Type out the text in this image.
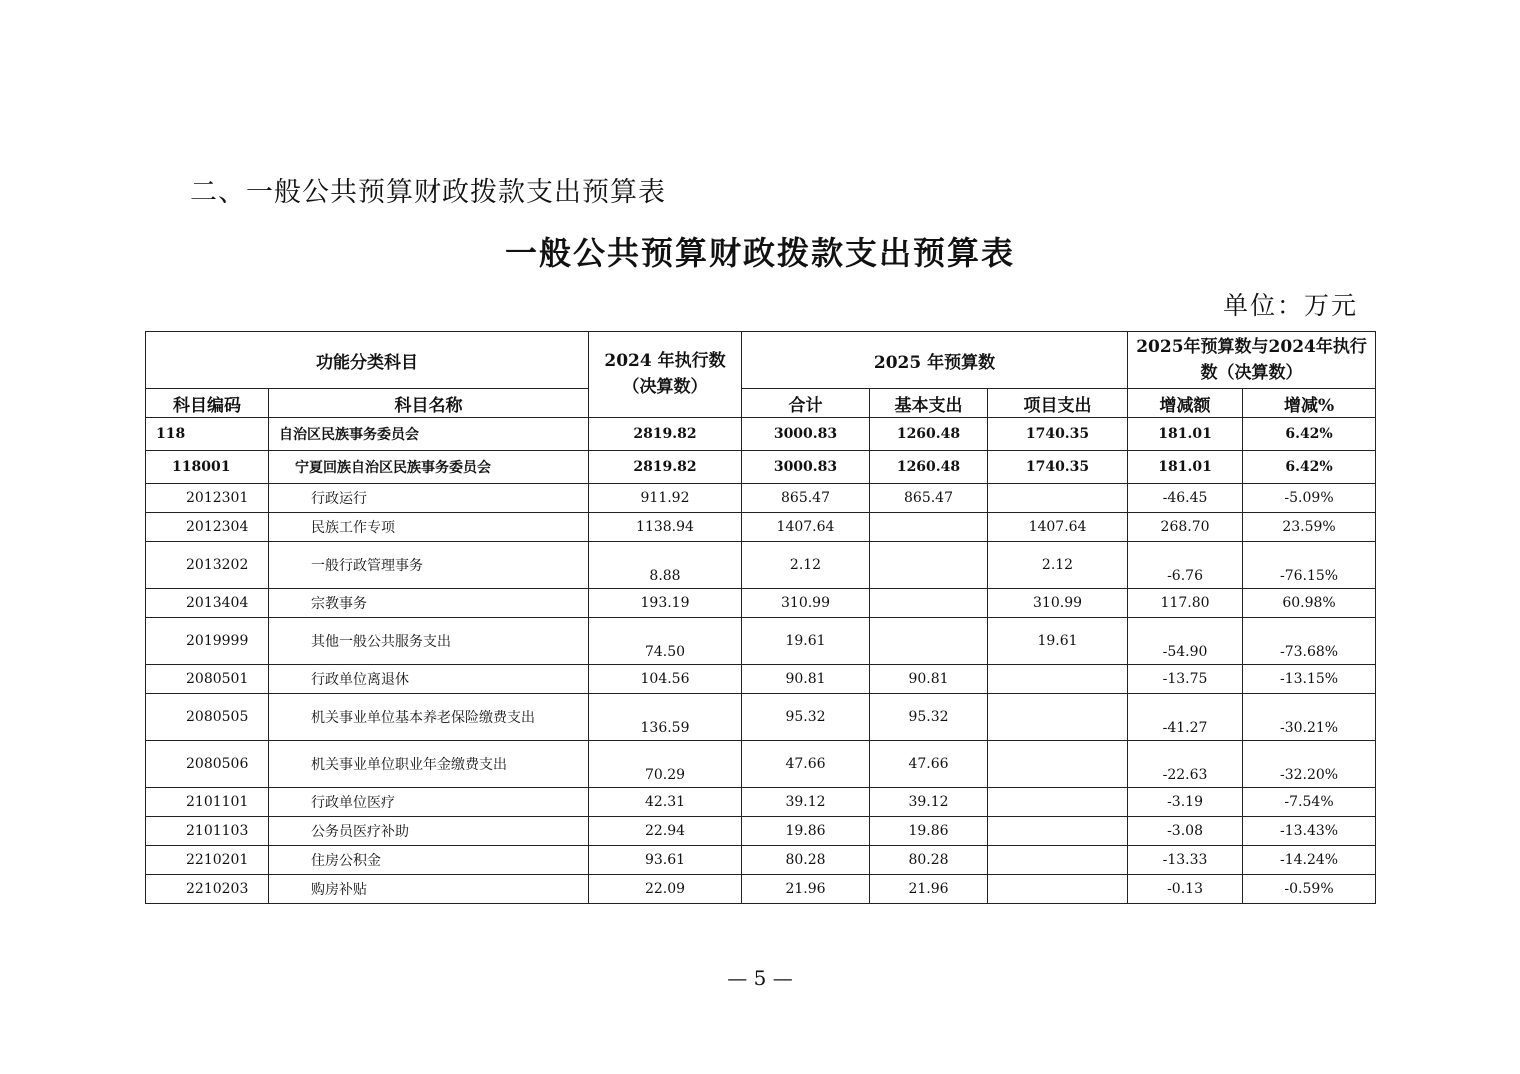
二、一般公共预算财政拨款支出预算表
一般公共预算财政拨款支出预算表
单位：万元
功能分类科目		2024 年执行数（决算数）	2025 年预算数			2025年预算数与2024年执行数（决算数）	
科目编码	科目名称		合计	基本支出	项目支出	增减额	增减%
118	自治区民族事务委员会	2819.82	3000.83	1260.48	1740.35	181.01	6.42%
118001	宁夏回族自治区民族事务委员会	2819.82	3000.83	1260.48	1740.35	181.01	6.42%
2012301	行政运行	911.92	865.47	865.47		-46.45	-5.09%
2012304	民族工作专项	1138.94	1407.64		1407.64	268.70	23.59%
2013202	一般行政管理事务	8.88	2.12		2.12	-6.76	-76.15%
2013404	宗教事务	193.19	310.99		310.99	117.80	60.98%
2019999	其他一般公共服务支出	74.50	19.61		19.61	-54.90	-73.68%
2080501	行政单位离退休	104.56	90.81	90.81		-13.75	-13.15%
2080505	机关事业单位基本养老保险缴费支出	136.59	95.32	95.32		-41.27	-30.21%
2080506	机关事业单位职业年金缴费支出	70.29	47.66	47.66		-22.63	-32.20%
2101101	行政单位医疗	42.31	39.12	39.12		-3.19	-7.54%
2101103	公务员医疗补助	22.94	19.86	19.86		-3.08	-13.43%
2210201	住房公积金	93.61	80.28	80.28		-13.33	-14.24%
2210203	购房补贴	22.09	21.96	21.96		-0.13	-0.59%
— 5 —
